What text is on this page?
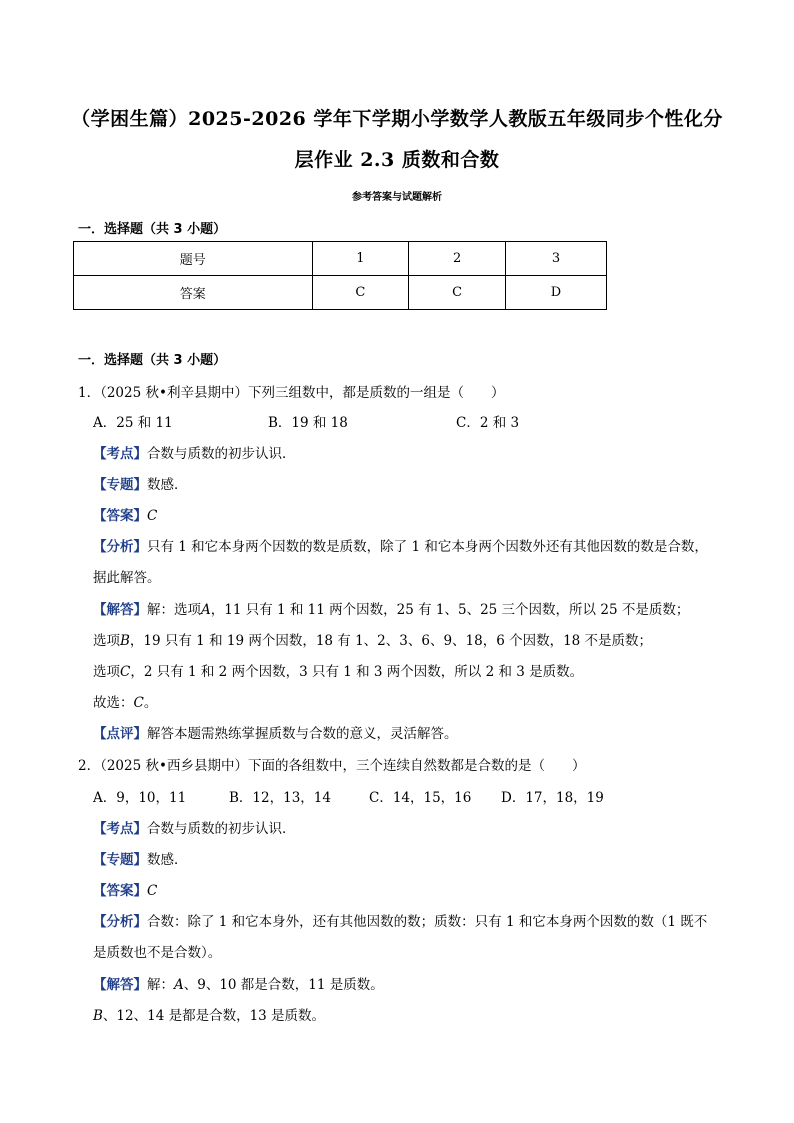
（学困生篇）2025-2026 学年下学期小学数学人教版五年级同步个性化分
层作业 2.3 质数和合数
参考答案与试题解析
一．选择题（共 3 小题）
题号	1	2	3
答案	C	C	D
一．选择题（共 3 小题）
1．（2025 秋•利辛县期中）下列三组数中，都是质数的一组是（　　）
A．25 和 11	B．19 和 18	C．2 和 3
【考点】合数与质数的初步认识．
【专题】数感．
【答案】C
【分析】只有 1 和它本身两个因数的数是质数，除了 1 和它本身两个因数外还有其他因数的数是合数，
据此解答。
【解答】解：选项A，11 只有 1 和 11 两个因数，25 有 1、5、25 三个因数，所以 25 不是质数；
选项B，19 只有 1 和 19 两个因数，18 有 1、2、3、6、9、18，6 个因数，18 不是质数；
选项C，2 只有 1 和 2 两个因数，3 只有 1 和 3 两个因数，所以 2 和 3 是质数。
故选：C。
【点评】解答本题需熟练掌握质数与合数的意义，灵活解答。
2．（2025 秋•西乡县期中）下面的各组数中，三个连续自然数都是合数的是（　　）
A．9，10，11	B．12，13，14	C．14，15，16 D．17，18，19
【考点】合数与质数的初步认识．
【专题】数感．
【答案】C
【分析】合数：除了 1 和它本身外，还有其他因数的数；质数：只有 1 和它本身两个因数的数（1 既不
是质数也不是合数）。
【解答】解：A、9、10 都是合数，11 是质数。
B、12、14 是都是合数，13 是质数。
